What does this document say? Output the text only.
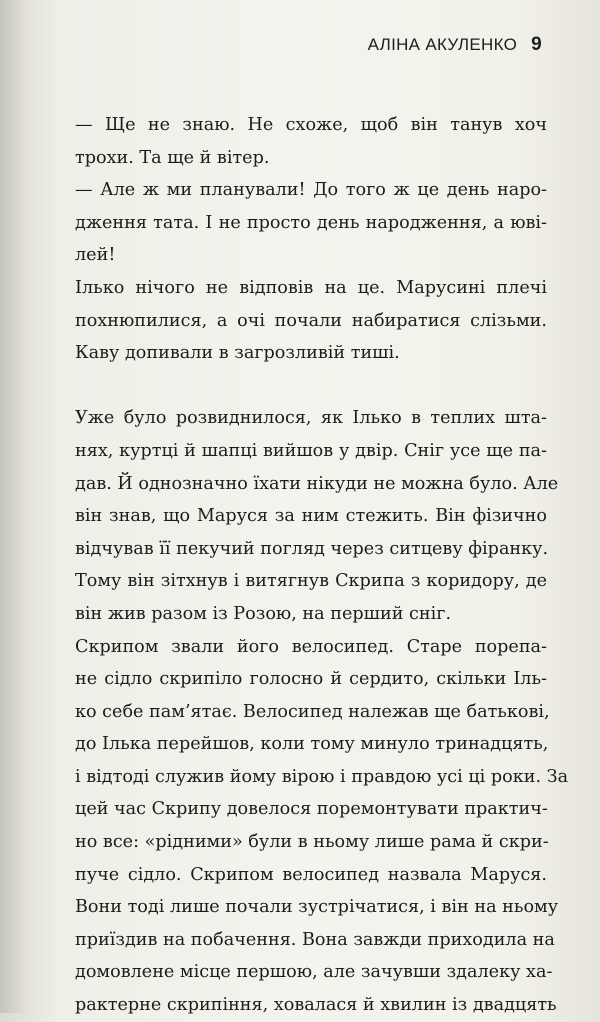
АЛІНА АКУЛЕНКО 9
— Ще не знаю. Не схоже, щоб він танув хоч
трохи. Та ще й вітер.
— Але ж ми планували! До того ж це день наро-
дження тата. І не просто день народження, а ювi-
лей!
Ілько нічого не відповів на це. Марусині плечі
похнюпилися, а очі почали набиратися слізьми.
Каву допивали в загрозливій тиші.
Уже було розвиднилося, як Ілько в теплих шта-
нях, куртці й шапці вийшов у двір. Сніг усе ще па-
дав. Й однозначно їхати нікуди не можна було. Але
він знав, що Маруся за ним стежить. Він фізично
відчував її пекучий погляд через ситцеву фіранку.
Тому він зітхнув і витягнув Скрипа з коридору, де
він жив разом із Розою, на перший сніг.
Скрипом звали його велосипед. Старе порепа-
не сідло скрипіло голосно й сердито, скільки Іль-
ко себе пам’ятає. Велосипед належав ще батькові,
до Ілька перейшов, коли тому минуло тринадцять,
і відтоді служив йому вірою і правдою усі ці роки. За
цей час Скрипу довелося поремонтувати практич-
но все: «рідними» були в ньому лише рама й скри-
пуче сідло. Скрипом велосипед назвала Маруся.
Вони тоді лише почали зустрічатися, і він на ньому
приїздив на побачення. Вона завжди приходила на
домовлене місце першою, але зачувши здалеку ха-
рактерне скрипіння, ховалася й хвилин із двадцять
